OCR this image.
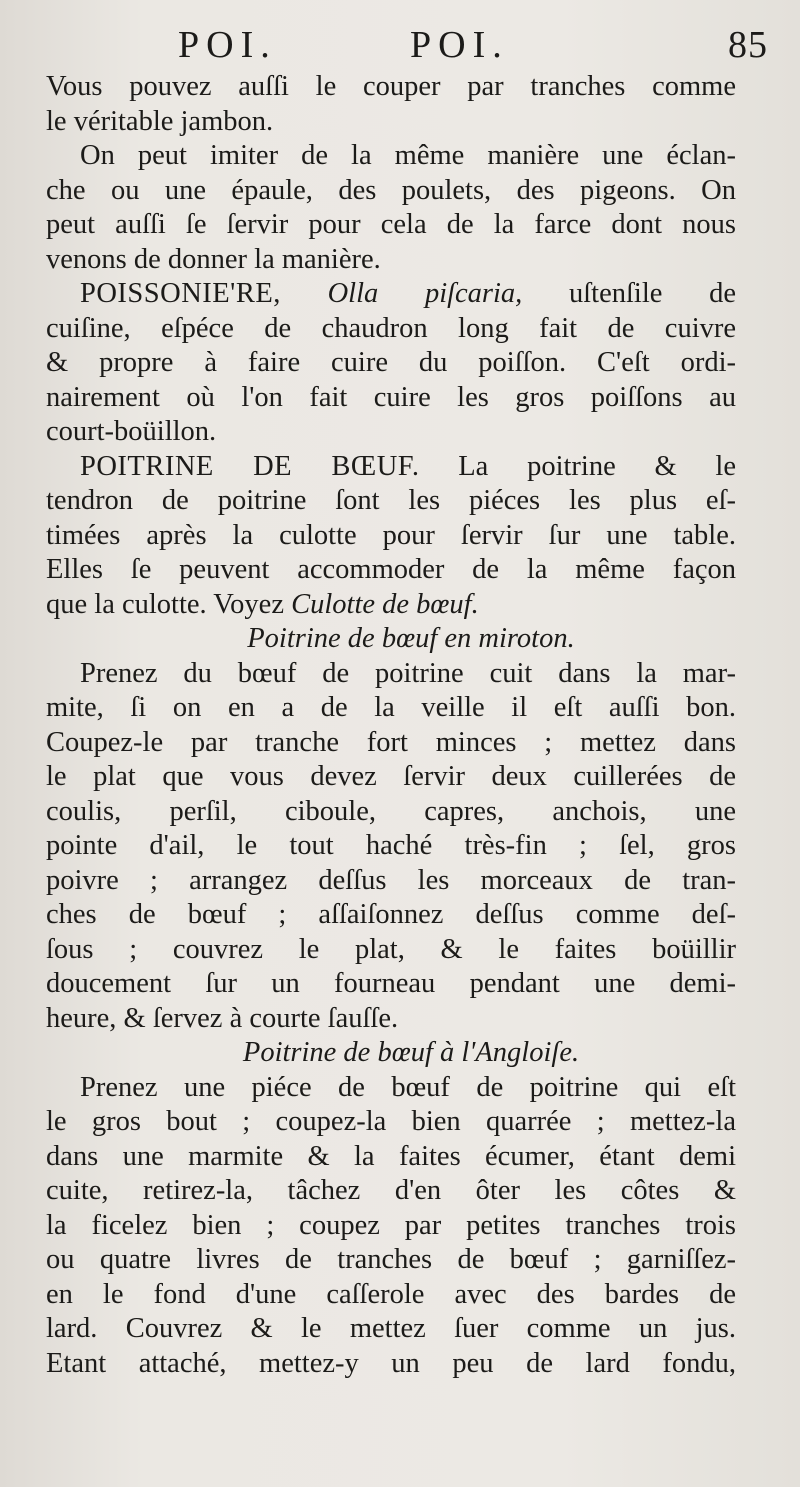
POI.	POI.	85
Vous pouvez auſſi le couper par tranches comme
le véritable jambon.
On peut imiter de la même manière une éclan-
che ou une épaule, des poulets, des pigeons. On
peut auſſi ſe ſervir pour cela de la farce dont nous
venons de donner la manière.
POISSONIE'RE, Olla piſcaria, uſtenſile de
cuiſine, eſpéce de chaudron long fait de cuivre
& propre à faire cuire du poiſſon. C'eſt ordi-
nairement où l'on fait cuire les gros poiſſons au
court-boüillon.
POITRINE DE BŒUF. La poitrine & le
tendron de poitrine ſont les piéces les plus eſ-
timées après la culotte pour ſervir ſur une table.
Elles ſe peuvent accommoder de la même façon
que la culotte. Voyez Culotte de bœuf.
Poitrine de bœuf en miroton.
Prenez du bœuf de poitrine cuit dans la mar-
mite, ſi on en a de la veille il eſt auſſi bon.
Coupez-le par tranche fort minces ; mettez dans
le plat que vous devez ſervir deux cuillerées de
coulis, perſil, ciboule, capres, anchois, une
pointe d'ail, le tout haché très-fin ; ſel, gros
poivre ; arrangez deſſus les morceaux de tran-
ches de bœuf ; aſſaiſonnez deſſus comme deſ-
ſous ; couvrez le plat, & le faites boüillir
doucement ſur un fourneau pendant une demi-
heure, & ſervez à courte ſauſſe.
Poitrine de bœuf à l'Angloiſe.
Prenez une piéce de bœuf de poitrine qui eſt
le gros bout ; coupez-la bien quarrée ; mettez-la
dans une marmite & la faites écumer, étant demi
cuite, retirez-la, tâchez d'en ôter les côtes &
la ficelez bien ; coupez par petites tranches trois
ou quatre livres de tranches de bœuf ; garniſſez-
en le fond d'une caſſerole avec des bardes de
lard. Couvrez & le mettez ſuer comme un jus.
Etant attaché, mettez-y un peu de lard fondu,
